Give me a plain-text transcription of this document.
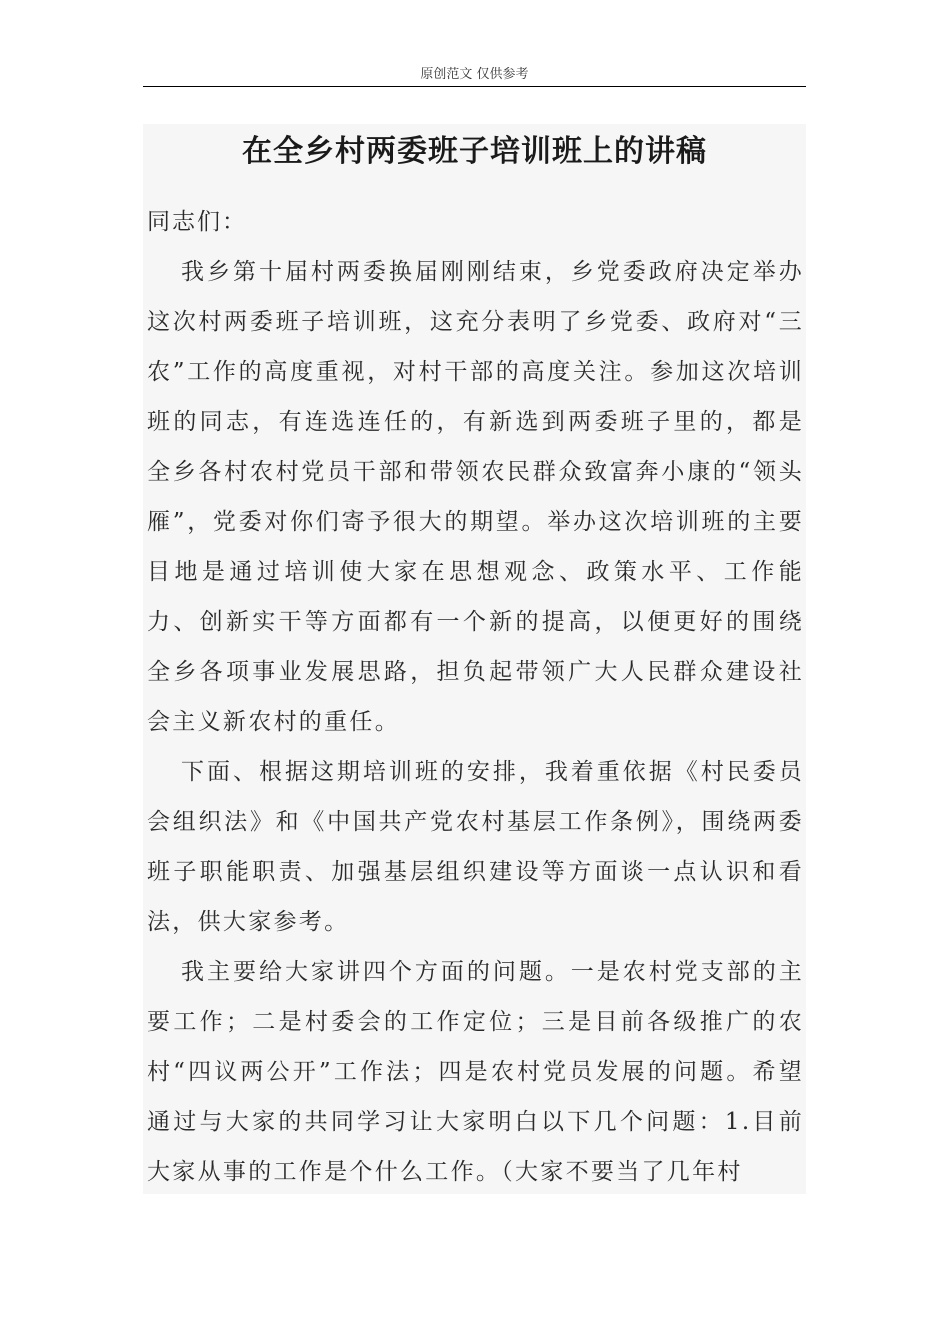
原创范文 仅供参考
在全乡村两委班子培训班上的讲稿

同志们：

我乡第十届村两委换届刚刚结束，乡党委政府决定举办这次村两委班子培训班，这充分表明了乡党委、政府对“三农”工作的高度重视，对村干部的高度关注。参加这次培训班的同志，有连选连任的，有新选到两委班子里的，都是全乡各村农村党员干部和带领农民群众致富奔小康的“领头雁”，党委对你们寄予很大的期望。举办这次培训班的主要目地是通过培训使大家在思想观念、政策水平、工作能力、创新实干等方面都有一个新的提高，以便更好的围绕全乡各项事业发展思路，担负起带领广大人民群众建设社会主义新农村的重任。

下面、根据这期培训班的安排，我着重依据《村民委员会组织法》和《中国共产党农村基层工作条例》，围绕两委班子职能职责、加强基层组织建设等方面谈一点认识和看法，供大家参考。

我主要给大家讲四个方面的问题。一是农村党支部的主要工作；二是村委会的工作定位；三是目前各级推广的农村“四议两公开”工作法；四是农村党员发展的问题。希望通过与大家的共同学习让大家明白以下几个问题：1.目前大家从事的工作是个什么工作。（大家不要当了几年村
